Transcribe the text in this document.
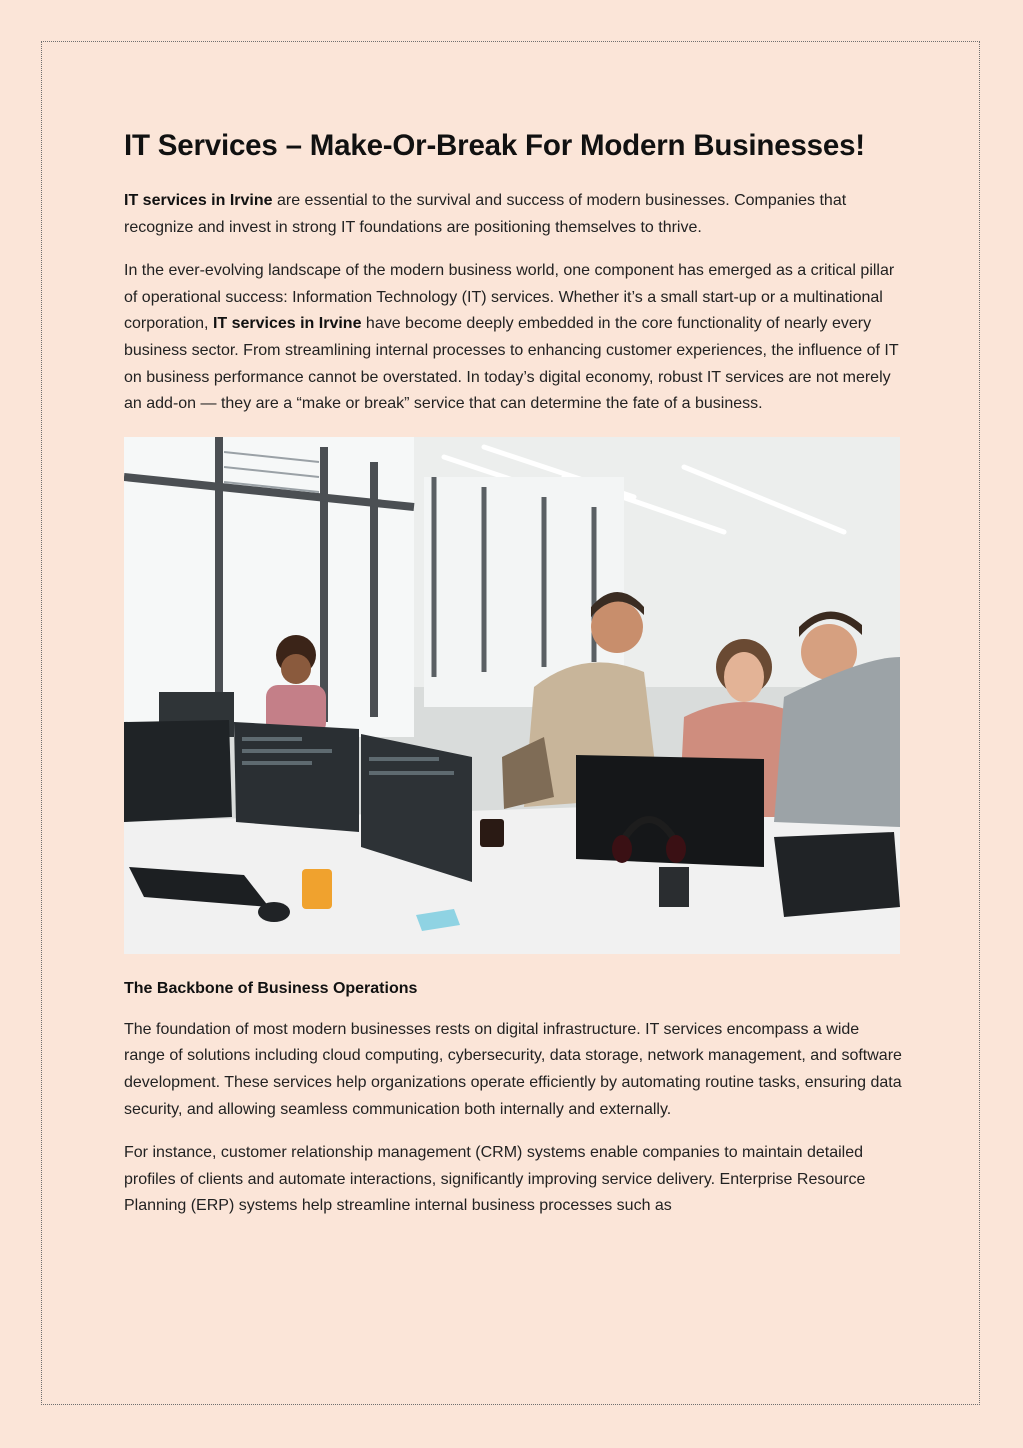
IT Services – Make-Or-Break For Modern Businesses!

IT services in Irvine are essential to the survival and success of modern businesses. Companies that recognize and invest in strong IT foundations are positioning themselves to thrive.

In the ever-evolving landscape of the modern business world, one component has emerged as a critical pillar of operational success: Information Technology (IT) services. Whether it’s a small start-up or a multinational corporation, IT services in Irvine have become deeply embedded in the core functionality of nearly every business sector. From streamlining internal processes to enhancing customer experiences, the influence of IT on business performance cannot be overstated. In today’s digital economy, robust IT services are not merely an add-on — they are a “make or break” service that can determine the fate of a business.

The Backbone of Business Operations

The foundation of most modern businesses rests on digital infrastructure. IT services encompass a wide range of solutions including cloud computing, cybersecurity, data storage, network management, and software development. These services help organizations operate efficiently by automating routine tasks, ensuring data security, and allowing seamless communication both internally and externally.

For instance, customer relationship management (CRM) systems enable companies to maintain detailed profiles of clients and automate interactions, significantly improving service delivery. Enterprise Resource Planning (ERP) systems help streamline internal business processes such as
